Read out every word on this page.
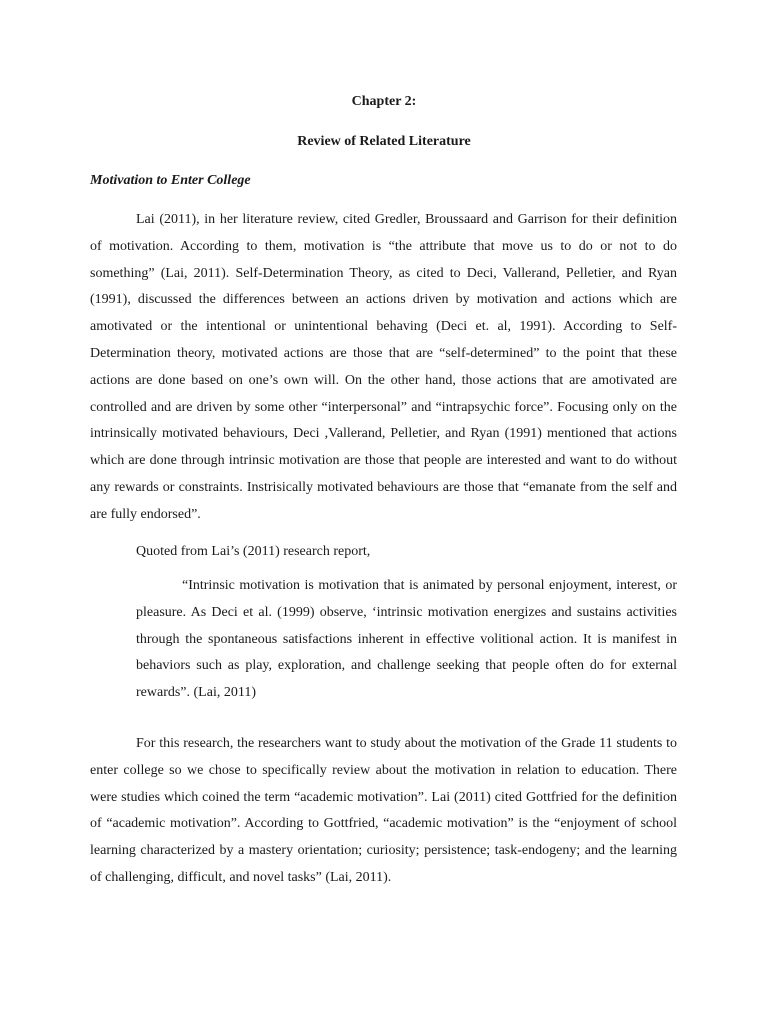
Chapter 2:
Review of Related Literature
Motivation to Enter College

Lai (2011), in her literature review, cited Gredler, Broussaard and Garrison for their definition of motivation. According to them, motivation is “the attribute that move us to do or not to do something” (Lai, 2011). Self-Determination Theory, as cited to Deci, Vallerand, Pelletier, and Ryan (1991), discussed the differences between an actions driven by motivation and actions which are amotivated or the intentional or unintentional behaving (Deci et. al, 1991). According to Self-Determination theory, motivated actions are those that are “self-determined” to the point that these actions are done based on one’s own will. On the other hand, those actions that are amotivated are controlled and are driven by some other “interpersonal” and “intrapsychic force”. Focusing only on the intrinsically motivated behaviours, Deci ,Vallerand, Pelletier, and Ryan (1991) mentioned that actions which are done through intrinsic motivation are those that people are interested and want to do without any rewards or constraints. Instrisically motivated behaviours are those that “emanate from the self and are fully endorsed”.

Quoted from Lai’s (2011) research report,

“Intrinsic motivation is motivation that is animated by personal enjoyment, interest, or pleasure. As Deci et al. (1999) observe, ‘intrinsic motivation energizes and sustains activities through the spontaneous satisfactions inherent in effective volitional action. It is manifest in behaviors such as play, exploration, and challenge seeking that people often do for external rewards”. (Lai, 2011)

For this research, the researchers want to study about the motivation of the Grade 11 students to enter college so we chose to specifically review about the motivation in relation to education. There were studies which coined the term “academic motivation”. Lai (2011) cited Gottfried for the definition of “academic motivation”. According to Gottfried, “academic motivation” is the “enjoyment of school learning characterized by a mastery orientation; curiosity; persistence; task-endogeny; and the learning of challenging, difficult, and novel tasks” (Lai, 2011).
